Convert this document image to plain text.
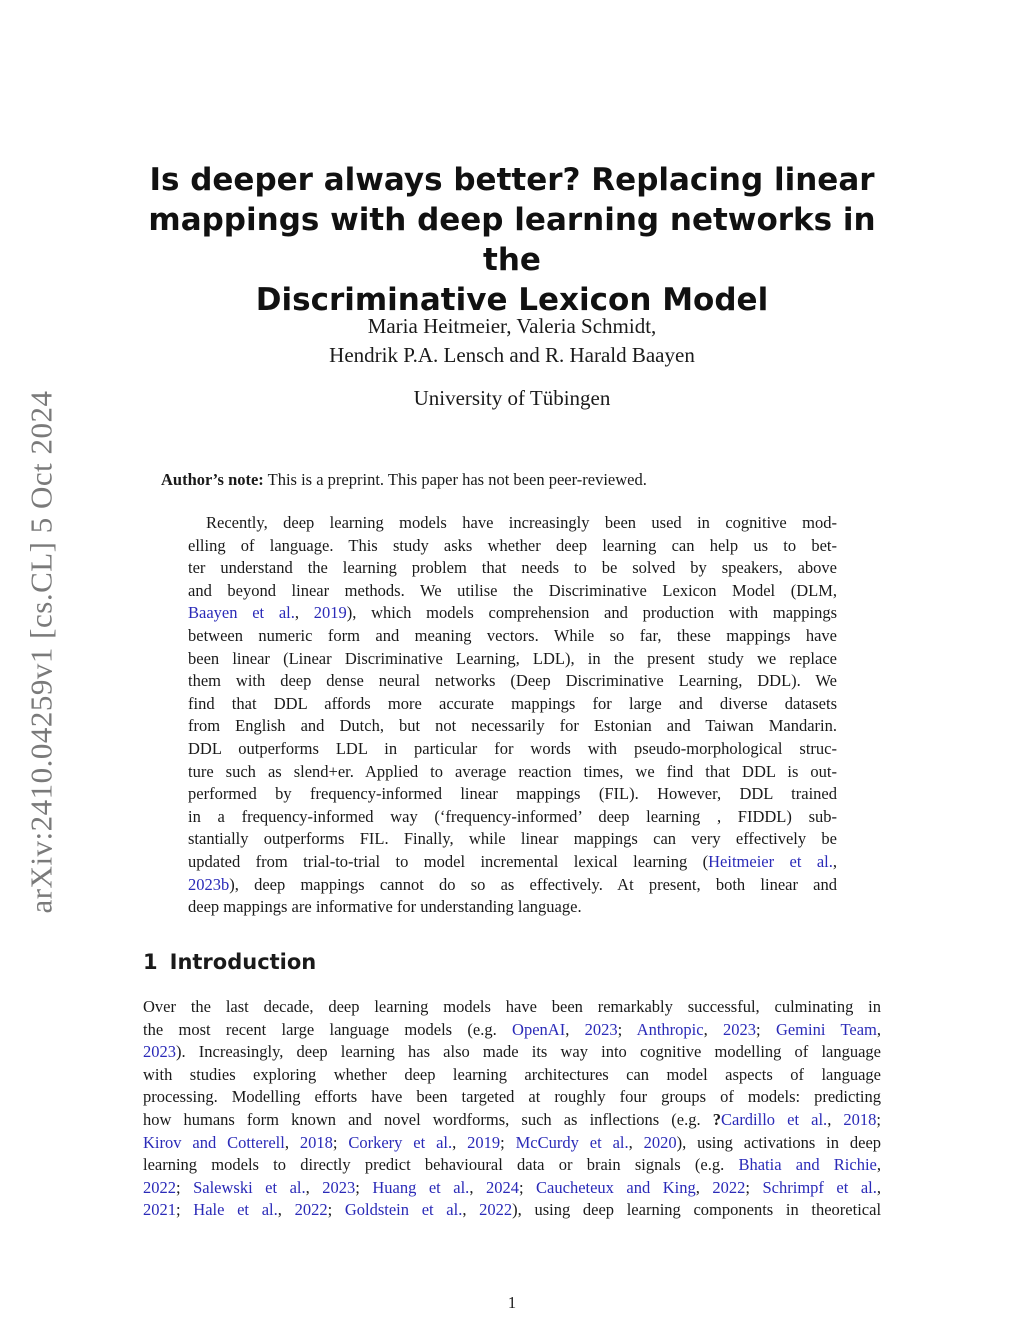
arXiv:2410.04259v1 [cs.CL] 5 Oct 2024
Is deeper always better? Replacing linear
mappings with deep learning networks in the
Discriminative Lexicon Model
Maria Heitmeier, Valeria Schmidt,
Hendrik P.A. Lensch and R. Harald Baayen
University of Tübingen
Author’s note: This is a preprint. This paper has not been peer-reviewed.
Recently, deep learning models have increasingly been used in cognitive mod-
elling of language. This study asks whether deep learning can help us to bet-
ter understand the learning problem that needs to be solved by speakers, above
and beyond linear methods. We utilise the Discriminative Lexicon Model (DLM,
Baayen et al., 2019), which models comprehension and production with mappings
between numeric form and meaning vectors. While so far, these mappings have
been linear (Linear Discriminative Learning, LDL), in the present study we replace
them with deep dense neural networks (Deep Discriminative Learning, DDL). We
find that DDL affords more accurate mappings for large and diverse datasets
from English and Dutch, but not necessarily for Estonian and Taiwan Mandarin.
DDL outperforms LDL in particular for words with pseudo-morphological struc-
ture such as slend+er. Applied to average reaction times, we find that DDL is out-
performed by frequency-informed linear mappings (FIL). However, DDL trained
in a frequency-informed way (‘frequency-informed’ deep learning , FIDDL) sub-
stantially outperforms FIL. Finally, while linear mappings can very effectively be
updated from trial-to-trial to model incremental lexical learning (Heitmeier et al.,
2023b), deep mappings cannot do so as effectively. At present, both linear and
deep mappings are informative for understanding language.
1 Introduction
Over the last decade, deep learning models have been remarkably successful, culminating in
the most recent large language models (e.g. OpenAI, 2023; Anthropic, 2023; Gemini Team,
2023). Increasingly, deep learning has also made its way into cognitive modelling of language
with studies exploring whether deep learning architectures can model aspects of language
processing. Modelling efforts have been targeted at roughly four groups of models: predicting
how humans form known and novel wordforms, such as inflections (e.g. ?Cardillo et al., 2018;
Kirov and Cotterell, 2018; Corkery et al., 2019; McCurdy et al., 2020), using activations in deep
learning models to directly predict behavioural data or brain signals (e.g. Bhatia and Richie,
2022; Salewski et al., 2023; Huang et al., 2024; Caucheteux and King, 2022; Schrimpf et al.,
2021; Hale et al., 2022; Goldstein et al., 2022), using deep learning components in theoretical
1
